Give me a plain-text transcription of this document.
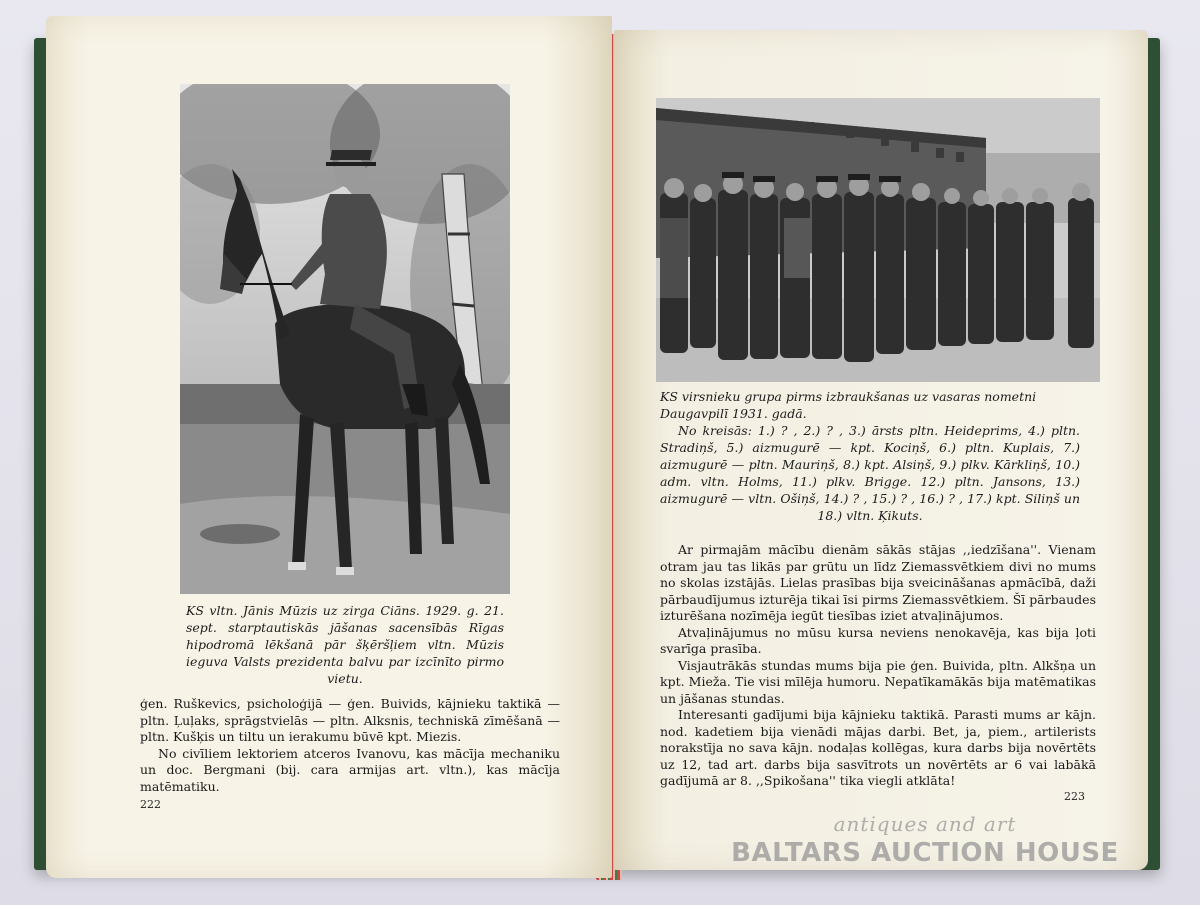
KS vltn. Jānis Mūzis uz zirga Ciāns. 1929. g. 21. sept. starptautiskās jāšanas sacensībās Rīgas hipodromā lēkšanā pār šķēršļiem vltn. Mūzis ieguva Valsts prezidenta balvu par izcīnīto pirmo vietu.

ģen. Ruškevics, psicholoģijā — ģen. Buivids, kājnieku taktikā — pltn. Ļuļaks, sprāgstvielās — pltn. Alksnis, techniskā zīmēšanā — pltn. Kušķis un tiltu un ierakumu būvē kpt. Miezis.

No civīliem lektoriem atceros Ivanovu, kas mācīja mechaniku un doc. Bergmani (bij. cara armijas art. vltn.), kas mācīja matēmatiku.

222
KS virsnieku grupa pirms izbraukšanas uz vasaras nometni Daugavpilī 1931. gadā.
No kreisās: 1.) ? , 2.) ? , 3.) ārsts pltn. Heideprims, 4.) pltn. Stradiņš, 5.) aizmugurē — kpt. Kociņš, 6.) pltn. Kuplais, 7.) aizmugurē — pltn. Mauriņš, 8.) kpt. Alsiņš, 9.) plkv. Kārkliņš, 10.) adm. vltn. Holms, 11.) plkv. Brigge. 12.) pltn. Jansons, 13.) aizmugurē — vltn. Ošiņš, 14.) ? , 15.) ? , 16.) ? , 17.) kpt. Siliņš un 18.) vltn. Ķikuts.

Ar pirmajām mācību dienām sākās stājas ,,iedzīšana''. Vienam otram jau tas likās par grūtu un līdz Ziemassvētkiem divi no mums no skolas izstājās. Lielas prasības bija sveicināšanas apmācībā, daži pārbaudījumus izturēja tikai īsi pirms Ziemassvētkiem. Šī pārbaudes izturēšana nozīmēja iegūt tiesības iziet atvaļinājumos.

Atvaļinājumus no mūsu kursa neviens nenokavēja, kas bija ļoti svarīga prasība.

Visjautrākās stundas mums bija pie ģen. Buivida, pltn. Alkšņa un kpt. Mieža. Tie visi mīlēja humoru. Nepatīkamākās bija matēmatikas un jāšanas stundas.

Interesanti gadījumi bija kājnieku taktikā. Parasti mums ar kājn. nod. kadetiem bija vienādi mājas darbi. Bet, ja, piem., artilerists norakstīja no sava kājn. nodaļas kollēgas, kura darbs bija novērtēts uz 12, tad art. darbs bija sasvītrots un novērtēts ar 6 vai labākā gadījumā ar 8. ,,Spikošana'' tika viegli atklāta!

223
antiques and art
BALTARS AUCTION HOUSE
